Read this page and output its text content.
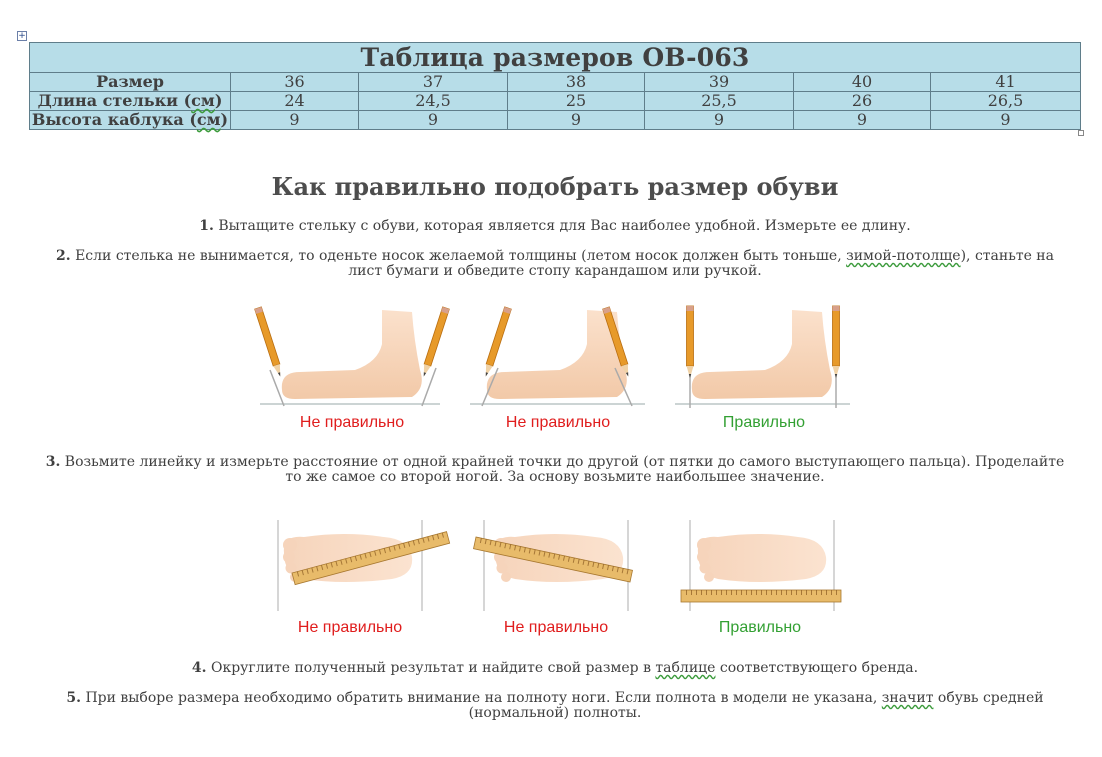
+
Таблица размеров OB-063						
Размер	36	37	38	39	40	41
Длина стельки (см)	24	24,5	25	25,5	26	26,5
Высота каблука (см)	9	9	9	9	9	9
Как правильно подобрать размер обуви

1. Вытащите стельку с обуви, которая является для Вас наиболее удобной. Измерьте ее длину.

2. Если стелька не вынимается, то оденьте носок желаемой толщины (летом носок должен быть тоньше, зимой-потолще), станьте на лист бумаги и обведите стопу карандашом или ручкой.

Не правильно	Не правильно	Правильно

3. Возьмите линейку и измерьте расстояние от одной крайней точки до другой (от пятки до самого выступающего пальца). Проделайте то же самое со второй ногой. За основу возьмите наибольшее значение.

Не правильно	Не правильно	Правильно

4. Округлите полученный результат и найдите свой размер в таблице соответствующего бренда.

5. При выборе размера необходимо обратить внимание на полноту ноги. Если полнота в модели не указана, значит обувь средней (нормальной) полноты.
